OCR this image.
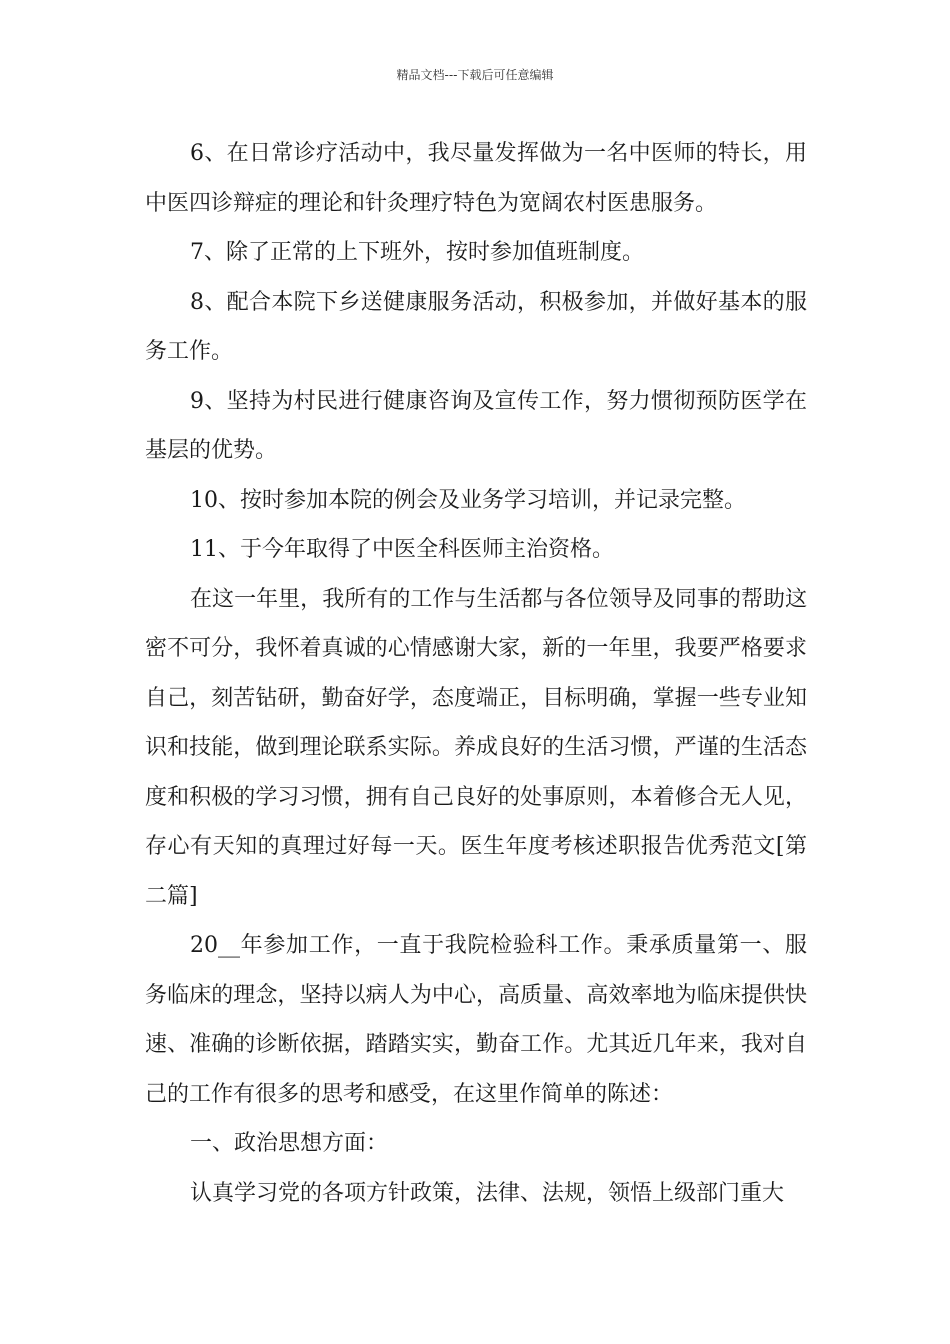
精品文档---下载后可任意编辑

6、在日常诊疗活动中，我尽量发挥做为一名中医师的特长，用中医四诊辩症的理论和针灸理疗特色为宽阔农村医患服务。

7、除了正常的上下班外，按时参加值班制度。

8、配合本院下乡送健康服务活动，积极参加，并做好基本的服务工作。

9、坚持为村民进行健康咨询及宣传工作，努力惯彻预防医学在基层的优势。

10、按时参加本院的例会及业务学习培训，并记录完整。

11、于今年取得了中医全科医师主治资格。

在这一年里，我所有的工作与生活都与各位领导及同事的帮助这密不可分，我怀着真诚的心情感谢大家，新的一年里，我要严格要求自己，刻苦钻研，勤奋好学，态度端正，目标明确，掌握一些专业知识和技能，做到理论联系实际。养成良好的生活习惯，严谨的生活态度和积极的学习习惯，拥有自己良好的处事原则，本着修合无人见，存心有天知的真理过好每一天。医生年度考核述职报告优秀范文[第二篇]

20__年参加工作，一直于我院检验科工作。秉承质量第一、服务临床的理念，坚持以病人为中心，高质量、高效率地为临床提供快速、准确的诊断依据，踏踏实实，勤奋工作。尤其近几年来，我对自己的工作有很多的思考和感受，在这里作简单的陈述：

一、政治思想方面：

认真学习党的各项方针政策，法律、法规，领悟上级部门重大
